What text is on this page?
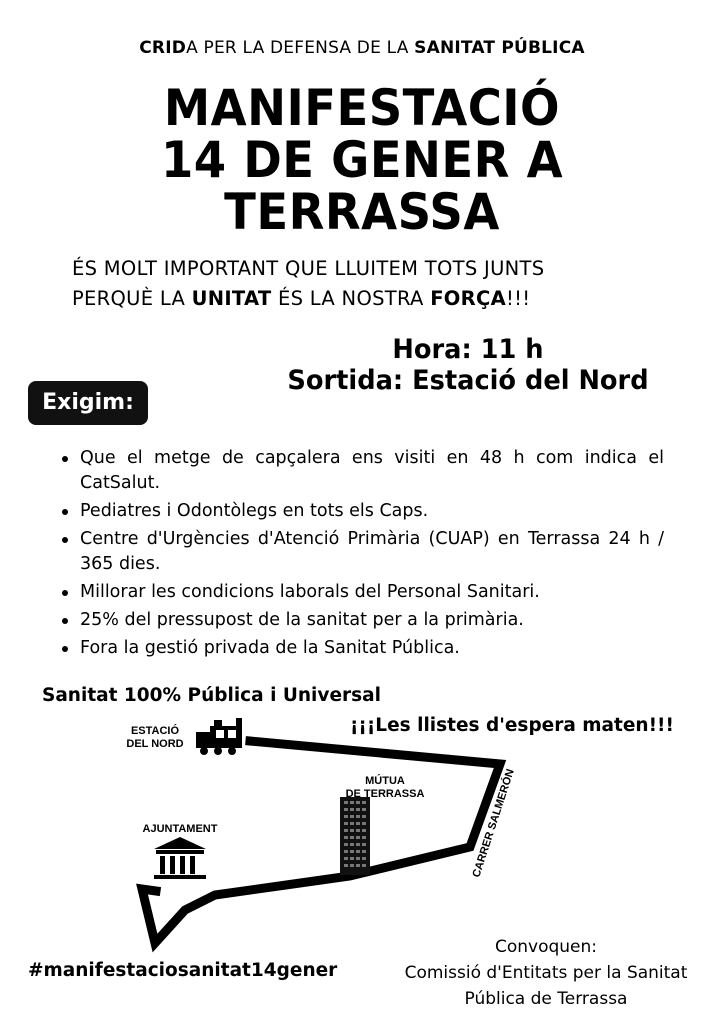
CRIDA PER LA DEFENSA DE LA SANITAT PÚBLICA
MANIFESTACIÓ
14 DE GENER A
TERRASSA
ÉS MOLT IMPORTANT QUE LLUITEM TOTS JUNTS
PERQUÈ LA UNITAT ÉS LA NOSTRA FORÇA!!!
Hora: 11 h
Sortida: Estació del Nord
Exigim:
Que el metge de capçalera ens visiti en 48 h com indica el CatSalut.
Pediatres i Odontòlegs en tots els Caps.
Centre d'Urgències d'Atenció Primària (CUAP) en Terrassa 24 h / 365 dies.
Millorar les condicions laborals del Personal Sanitari.
25% del pressupost de la sanitat per a la primària.
Fora la gestió privada de la Sanitat Pública.
Sanitat 100% Pública i Universal
¡¡¡Les llistes d'espera maten!!!
CARRER SALMERÓN
ESTACIÓ
DEL NORD
MÚTUA
DE TERRASSA
AJUNTAMENT
#manifestaciosanitat14gener
Convoquen:
Comissió d'Entitats per la Sanitat
Pública de Terrassa
